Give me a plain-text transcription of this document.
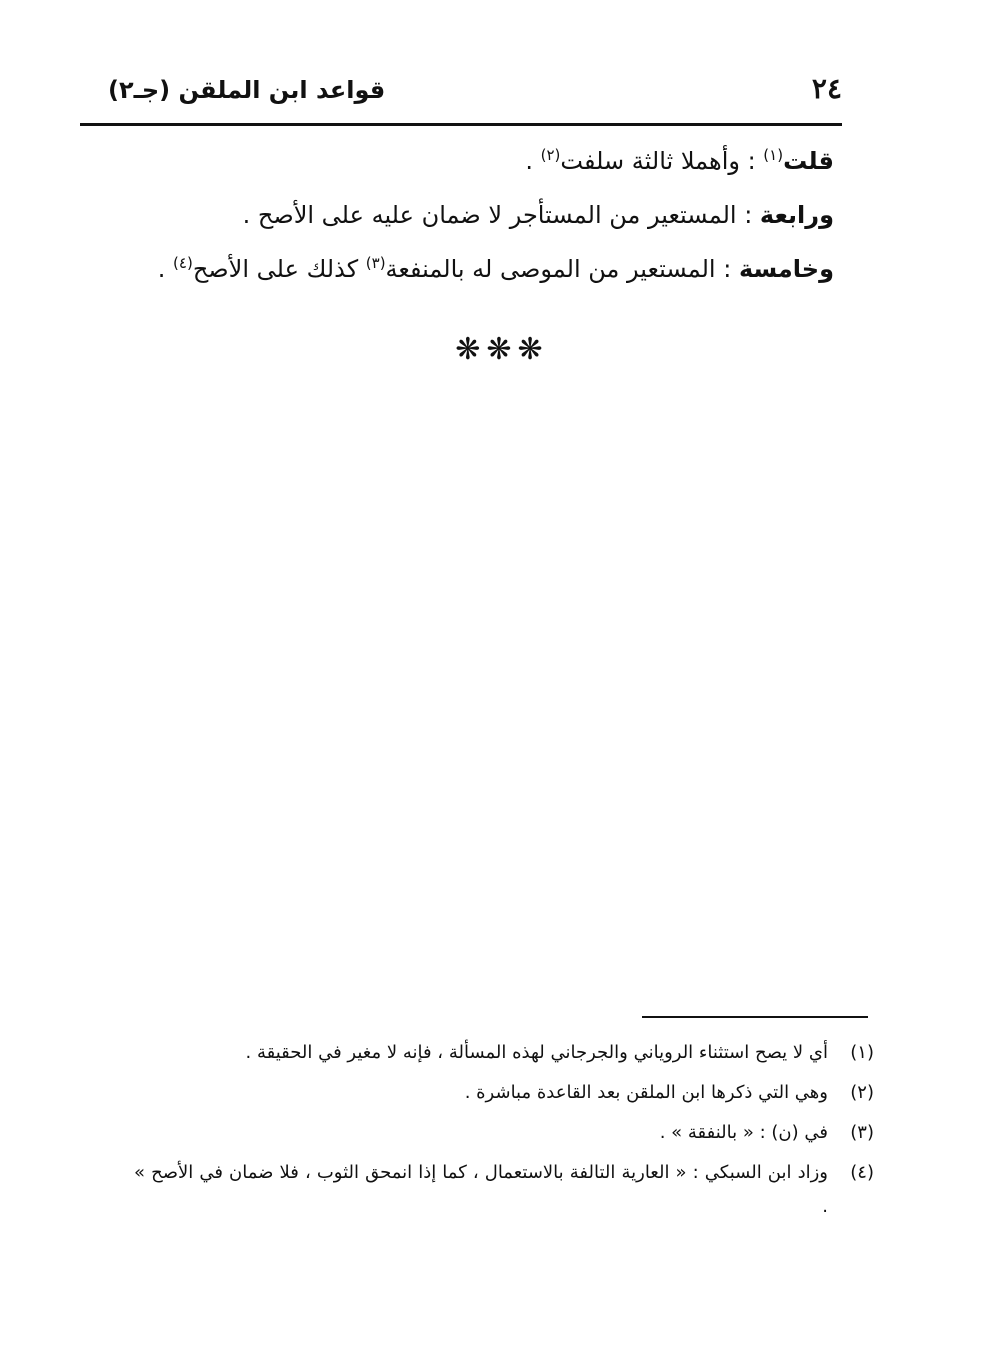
٢٤
قواعد ابن الملقن (جـ٢)
قلت$^{(١)}$ : وأهملا ثالثة سلفت$^{(٢)}$ .
ورابعة : المستعير من المستأجر لا ضمان عليه على الأصح .
وخامسة : المستعير من الموصى له بالمنفعة$^{(٣)}$ كذلك على الأصح$^{(٤)}$ .
❋❋❋
(١)
أي لا يصح استثناء الروياني والجرجاني لهذه المسألة ، فإنه لا مغير في الحقيقة .
(٢)
وهي التي ذكرها ابن الملقن بعد القاعدة مباشرة .
(٣)
في (ن) : « بالنفقة » .
(٤)
وزاد ابن السبكي : « العارية التالفة بالاستعمال ، كما إذا انمحق الثوب ، فلا ضمان في الأصح » .
